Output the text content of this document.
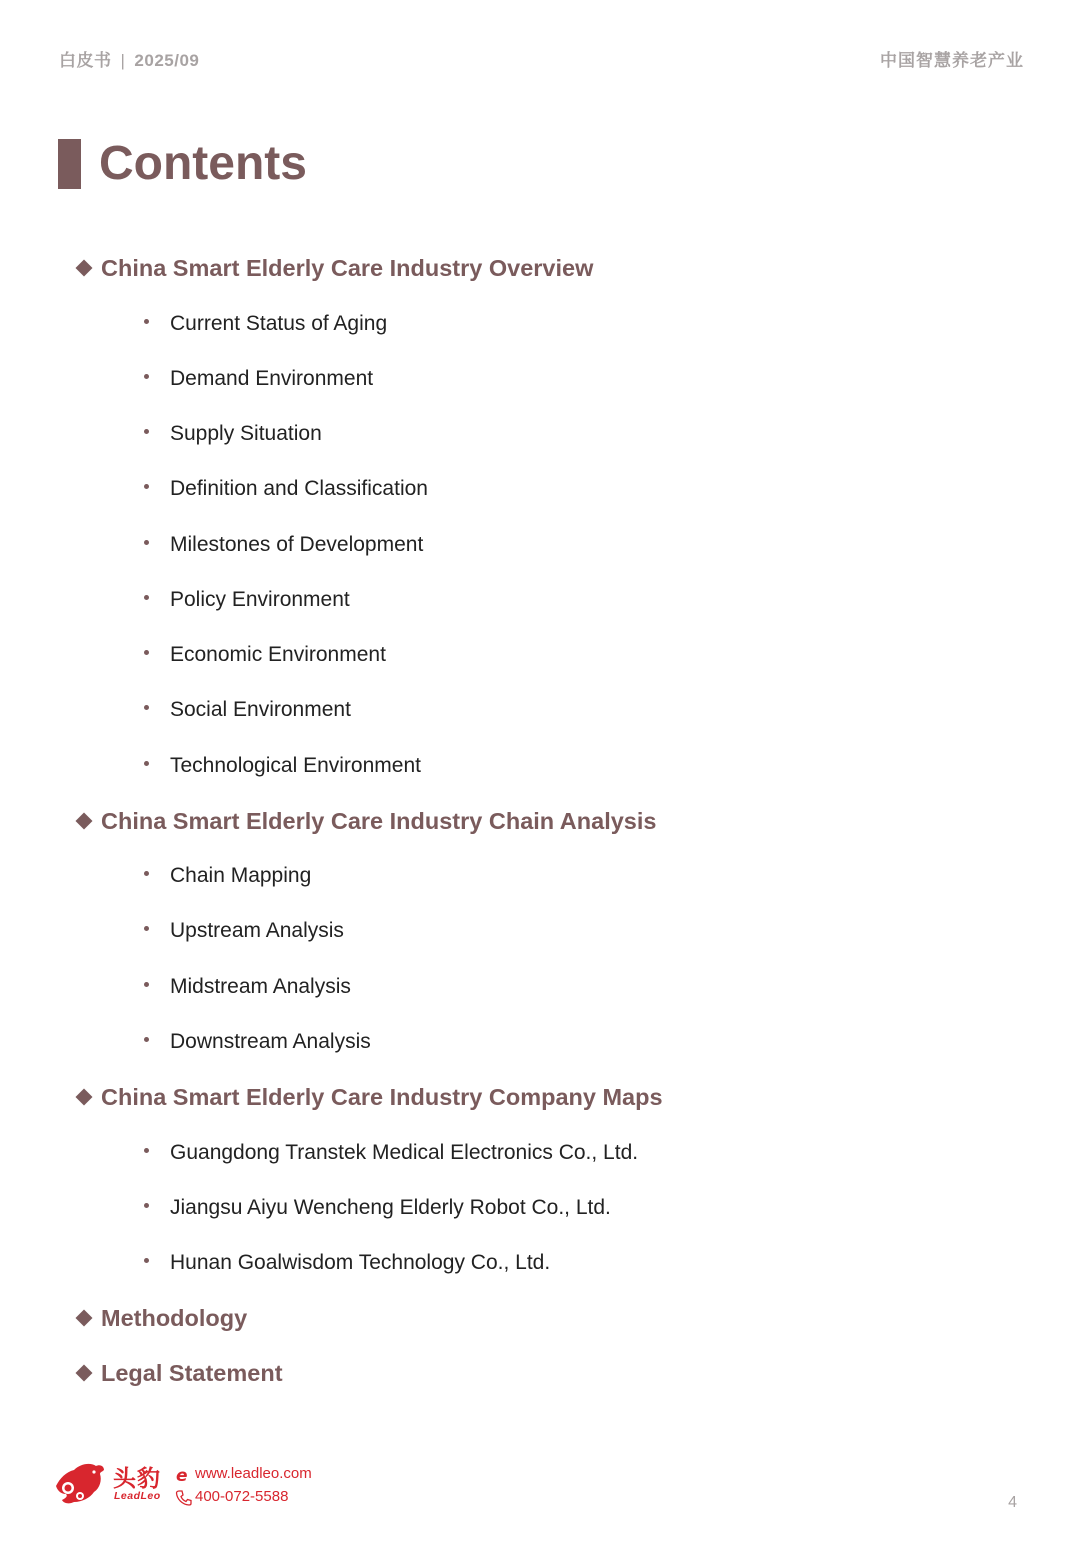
白皮书 | 2025/09	中国智慧养老产业
Contents
China Smart Elderly Care Industry Overview
Current Status of Aging
Demand Environment
Supply Situation
Definition and Classification
Milestones of Development
Policy Environment
Economic Environment
Social Environment
Technological Environment
China Smart Elderly Care Industry Chain Analysis
Chain Mapping
Upstream Analysis
Midstream Analysis
Downstream Analysis
China Smart Elderly Care Industry Company Maps
Guangdong Transtek Medical Electronics Co., Ltd.
Jiangsu Aiyu Wencheng Elderly Robot Co., Ltd.
Hunan Goalwisdom Technology Co., Ltd.
Methodology
Legal Statement
头豹
LeadLeo
e www.leadleo.com
400-072-5588	4
